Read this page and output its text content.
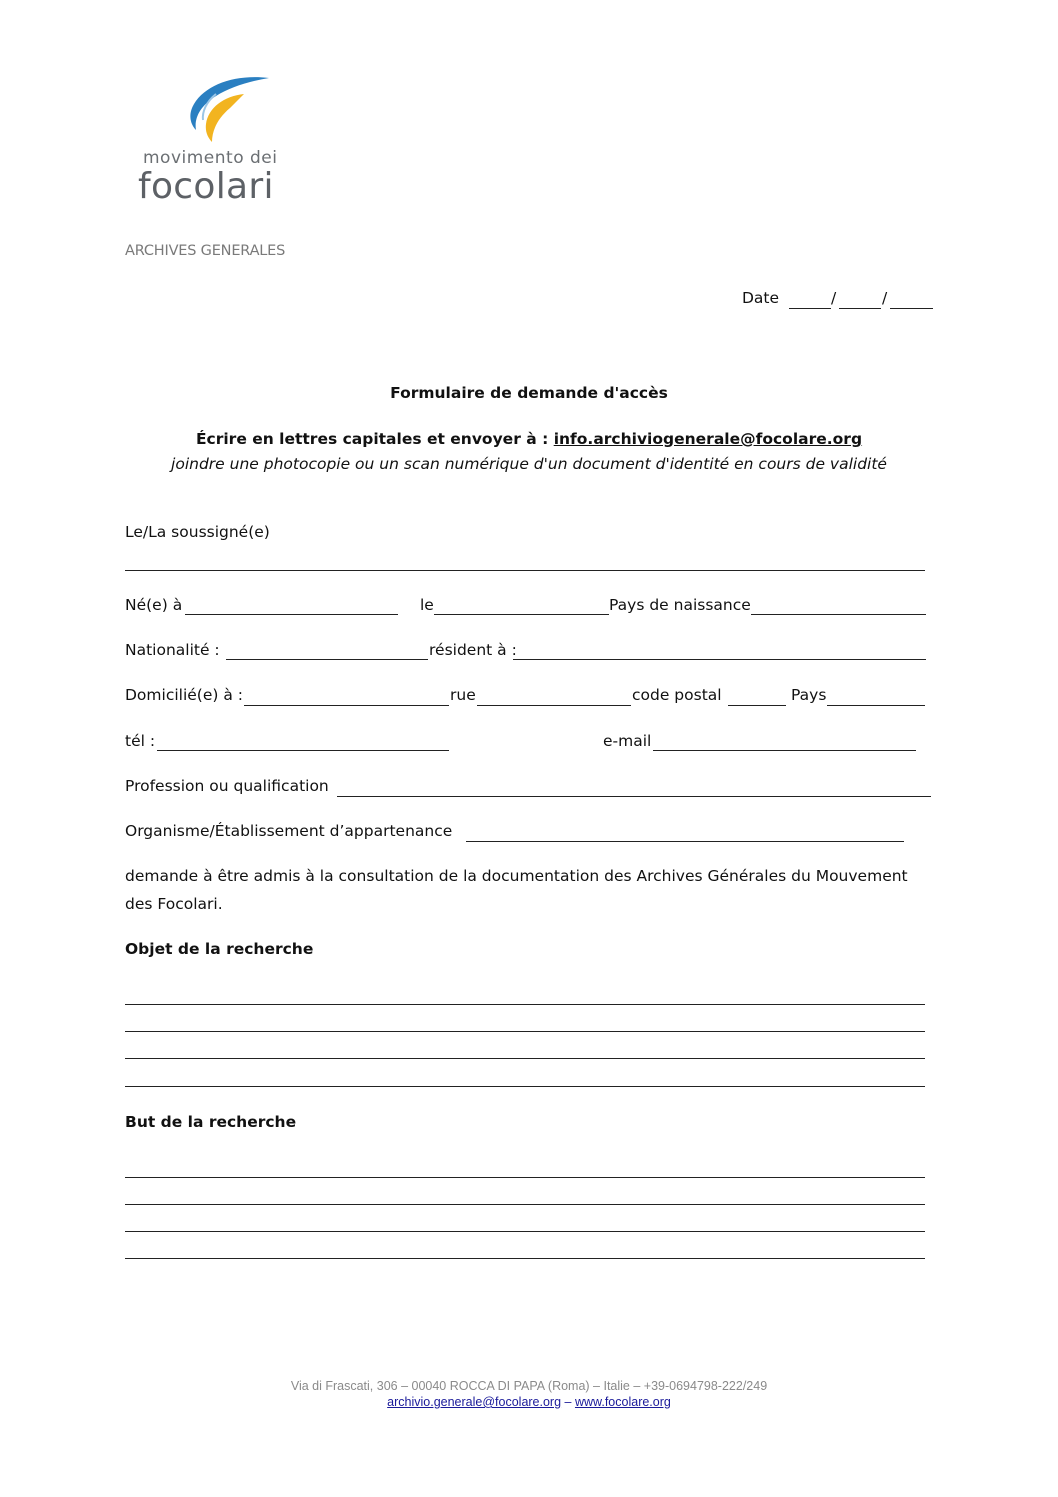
movimento dei
focolari
ARCHIVES GENERALES
Date	/	/
Formulaire de demande d'accès
Écrire en lettres capitales et envoyer à : info.archiviogenerale@focolare.org
joindre une photocopie ou un scan numérique d'un document d'identité en cours de validité
Le/La soussigné(e)
Né(e) à	le	Pays de naissance
Nationalité :	résident à :
Domicilié(e) à :	rue	code postal	Pays
tél :	e-mail
Profession ou qualification
Organisme/Établissement d’appartenance
demande à être admis à la consultation de la documentation des Archives Générales du Mouvement
des Focolari.
Objet de la recherche
But de la recherche
Via di Frascati, 306 – 00040 ROCCA DI PAPA (Roma) – Italie – +39-0694798-222/249
archivio.generale@focolare.org – www.focolare.org
